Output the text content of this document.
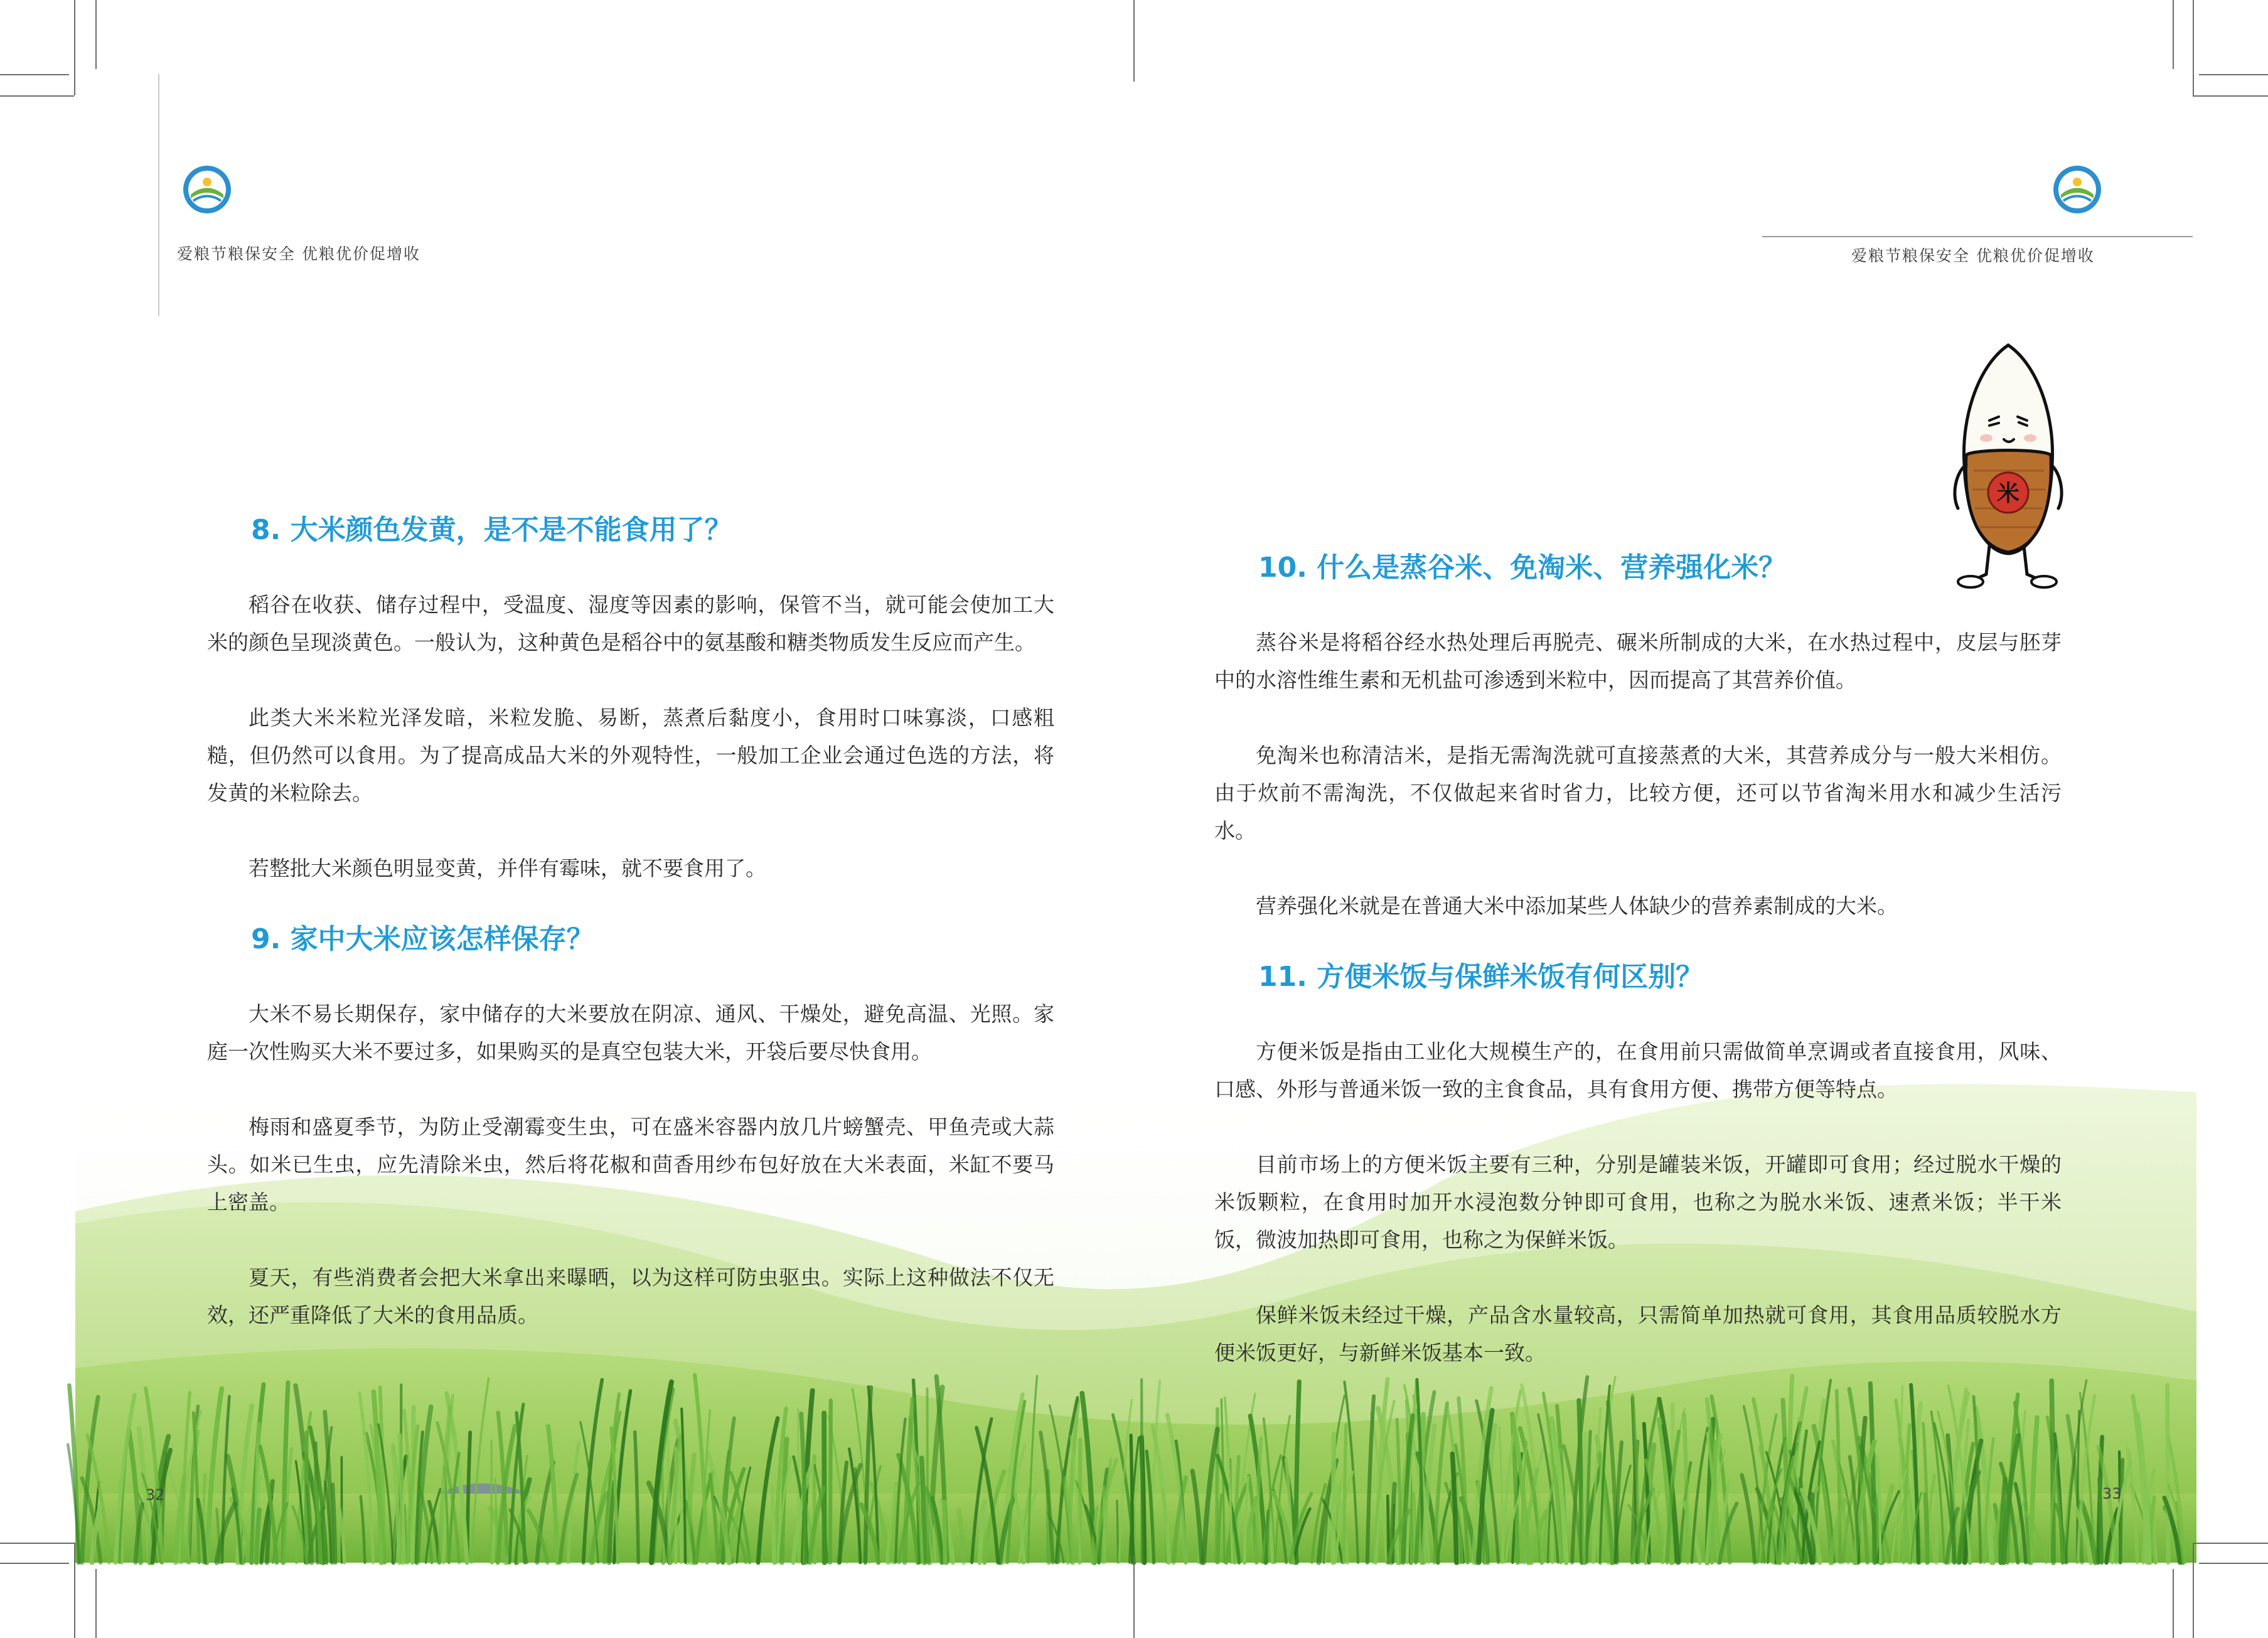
爱粮节粮保安全 优粮优价促增收	爱粮节粮保安全 优粮优价促增收
8. 大米颜色发黄，是不是不能食用了？

稻谷在收获、储存过程中，受温度、湿度等因素的影响，保管不当，就可能会使加工大米的颜色呈现淡黄色。一般认为，这种黄色是稻谷中的氨基酸和糖类物质发生反应而产生。

此类大米米粒光泽发暗，米粒发脆、易断，蒸煮后黏度小，食用时口味寡淡，口感粗糙，但仍然可以食用。为了提高成品大米的外观特性，一般加工企业会通过色选的方法，将发黄的米粒除去。

若整批大米颜色明显变黄，并伴有霉味，就不要食用了。

9. 家中大米应该怎样保存？

大米不易长期保存，家中储存的大米要放在阴凉、通风、干燥处，避免高温、光照。家庭一次性购买大米不要过多，如果购买的是真空包装大米，开袋后要尽快食用。

梅雨和盛夏季节，为防止受潮霉变生虫，可在盛米容器内放几片螃蟹壳、甲鱼壳或大蒜头。如米已生虫，应先清除米虫，然后将花椒和茴香用纱布包好放在大米表面，米缸不要马上密盖。

夏天，有些消费者会把大米拿出来曝晒，以为这样可防虫驱虫。实际上这种做法不仅无效，还严重降低了大米的食用品质。

10. 什么是蒸谷米、免淘米、营养强化米？

蒸谷米是将稻谷经水热处理后再脱壳、碾米所制成的大米，在水热过程中，皮层与胚芽中的水溶性维生素和无机盐可渗透到米粒中，因而提高了其营养价值。

免淘米也称清洁米，是指无需淘洗就可直接蒸煮的大米，其营养成分与一般大米相仿。由于炊前不需淘洗，不仅做起来省时省力，比较方便，还可以节省淘米用水和减少生活污水。

营养强化米就是在普通大米中添加某些人体缺少的营养素制成的大米。

11. 方便米饭与保鲜米饭有何区别？

方便米饭是指由工业化大规模生产的，在食用前只需做简单烹调或者直接食用，风味、口感、外形与普通米饭一致的主食食品，具有食用方便、携带方便等特点。

目前市场上的方便米饭主要有三种，分别是罐装米饭，开罐即可食用；经过脱水干燥的米饭颗粒，在食用时加开水浸泡数分钟即可食用，也称之为脱水米饭、速煮米饭；半干米饭，微波加热即可食用，也称之为保鲜米饭。

保鲜米饭未经过干燥，产品含水量较高，只需简单加热就可食用，其食用品质较脱水方便米饭更好，与新鲜米饭基本一致。

米
32	33
